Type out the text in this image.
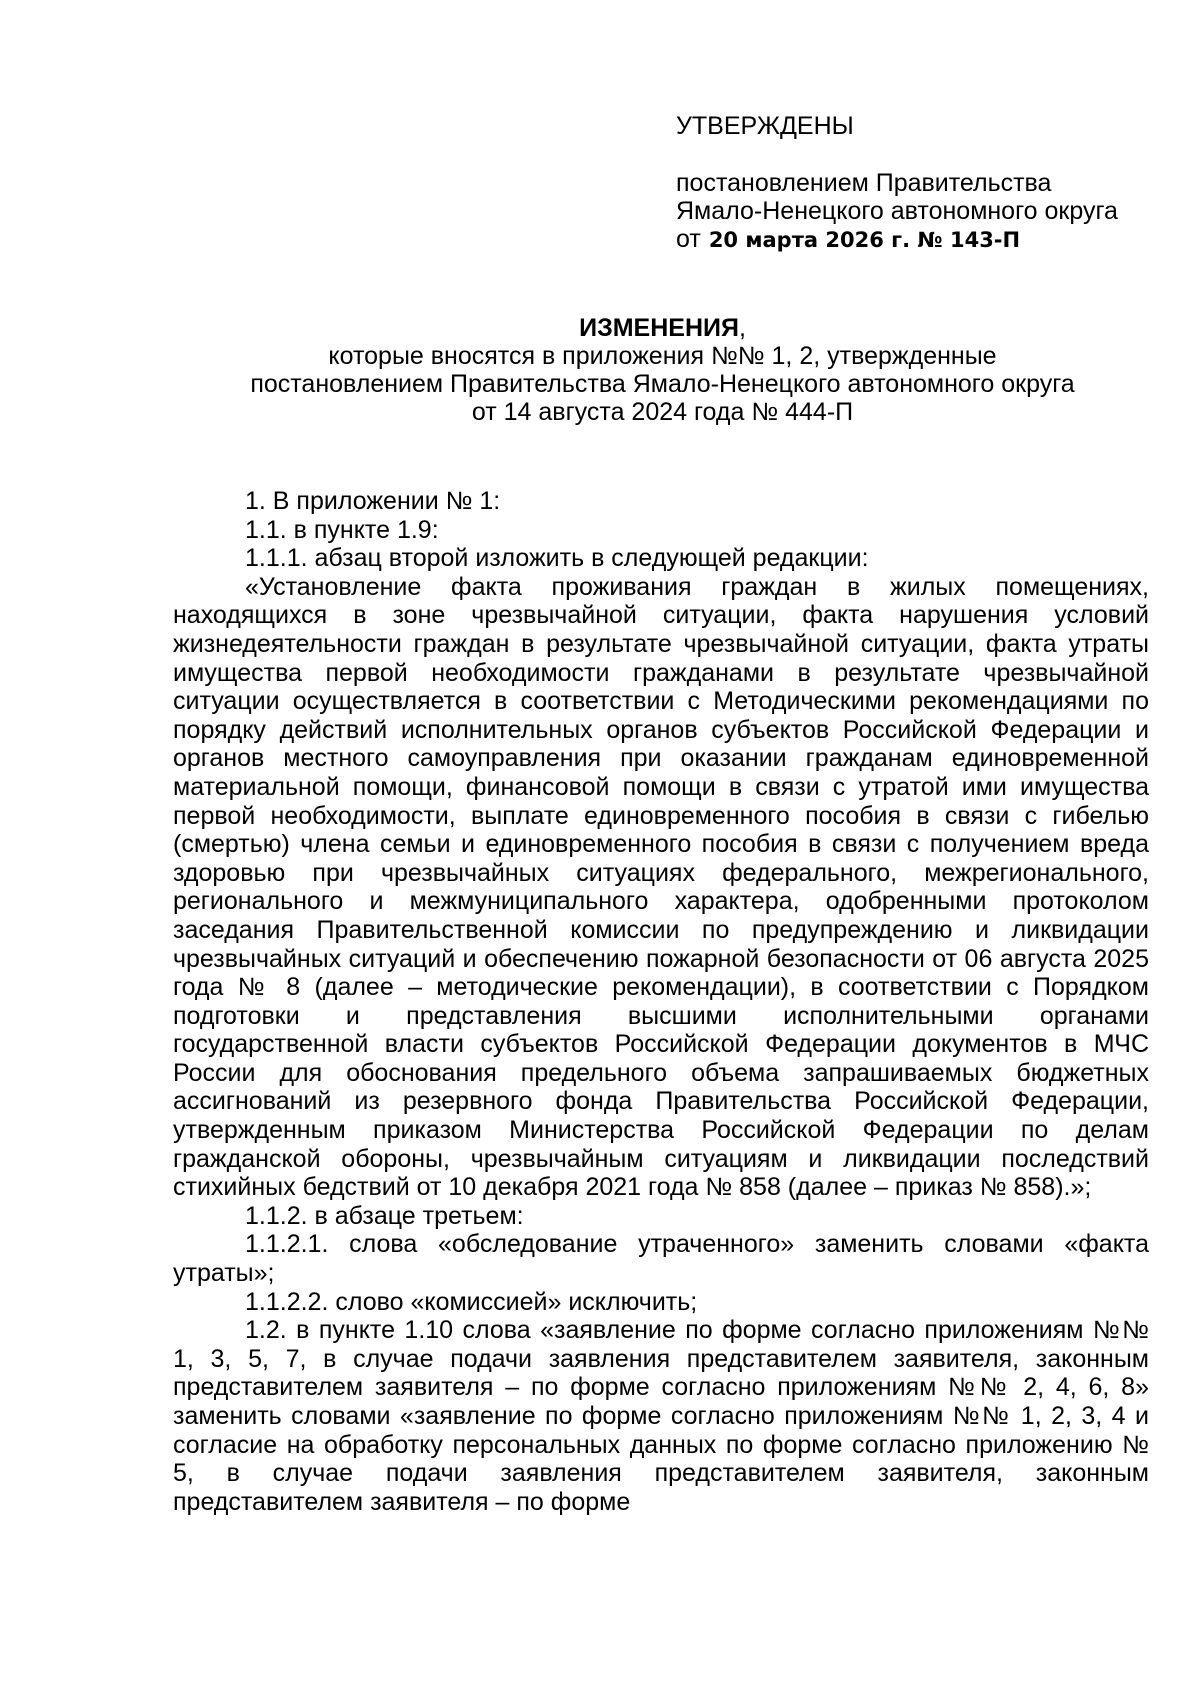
УТВЕРЖДЕНЫ
постановлением Правительства
Ямало-Ненецкого автономного округа
от 20 марта 2026 г. № 143-П
ИЗМЕНЕНИЯ,
которые вносятся в приложения №№ 1, 2, утвержденные
постановлением Правительства Ямало-Ненецкого автономного округа
от 14 августа 2024 года № 444-П

1. В приложении № 1:

1.1. в пункте 1.9:

1.1.1. абзац второй изложить в следующей редакции:

«Установление факта проживания граждан в жилых помещениях, находящихся в зоне чрезвычайной ситуации, факта нарушения условий жизнедеятельности граждан в результате чрезвычайной ситуации, факта утраты имущества первой необходимости гражданами в результате чрезвычайной ситуации осуществляется в соответствии с Методическими рекомендациями по порядку действий исполнительных органов субъектов Российской Федерации и органов местного самоуправления при оказании гражданам единовременной материальной помощи, финансовой помощи в связи с утратой ими имущества первой необходимости, выплате единовременного пособия в связи с гибелью (смертью) члена семьи и единовременного пособия в связи с получением вреда здоровью при чрезвычайных ситуациях федерального, межрегионального, регионального и межмуниципального характера, одобренными протоколом заседания Правительственной комиссии по предупреждению и ликвидации чрезвычайных ситуаций и обеспечению пожарной безопасности от 06 августа 2025 года № 8 (далее – методические рекомендации), в соответствии с Порядком подготовки и представления высшими исполнительными органами государственной власти субъектов Российской Федерации документов в МЧС России для обоснования предельного объема запрашиваемых бюджетных ассигнований из резервного фонда Правительства Российской Федерации, утвержденным приказом Министерства Российской Федерации по делам гражданской обороны, чрезвычайным ситуациям и ликвидации последствий стихийных бедствий от 10 декабря 2021 года № 858 (далее – приказ № 858).»;

1.1.2. в абзаце третьем:

1.1.2.1. слова «обследование утраченного» заменить словами «факта утраты»;

1.1.2.2. слово «комиссией» исключить;

1.2. в пункте 1.10 слова «заявление по форме согласно приложениям №№ 1, 3, 5, 7, в случае подачи заявления представителем заявителя, законным представителем заявителя – по форме согласно приложениям №№ 2, 4, 6, 8» заменить словами «заявление по форме согласно приложениям №№ 1, 2, 3, 4 и согласие на обработку персональных данных по форме согласно приложению № 5, в случае подачи заявления представителем заявителя, законным представителем заявителя – по форме
